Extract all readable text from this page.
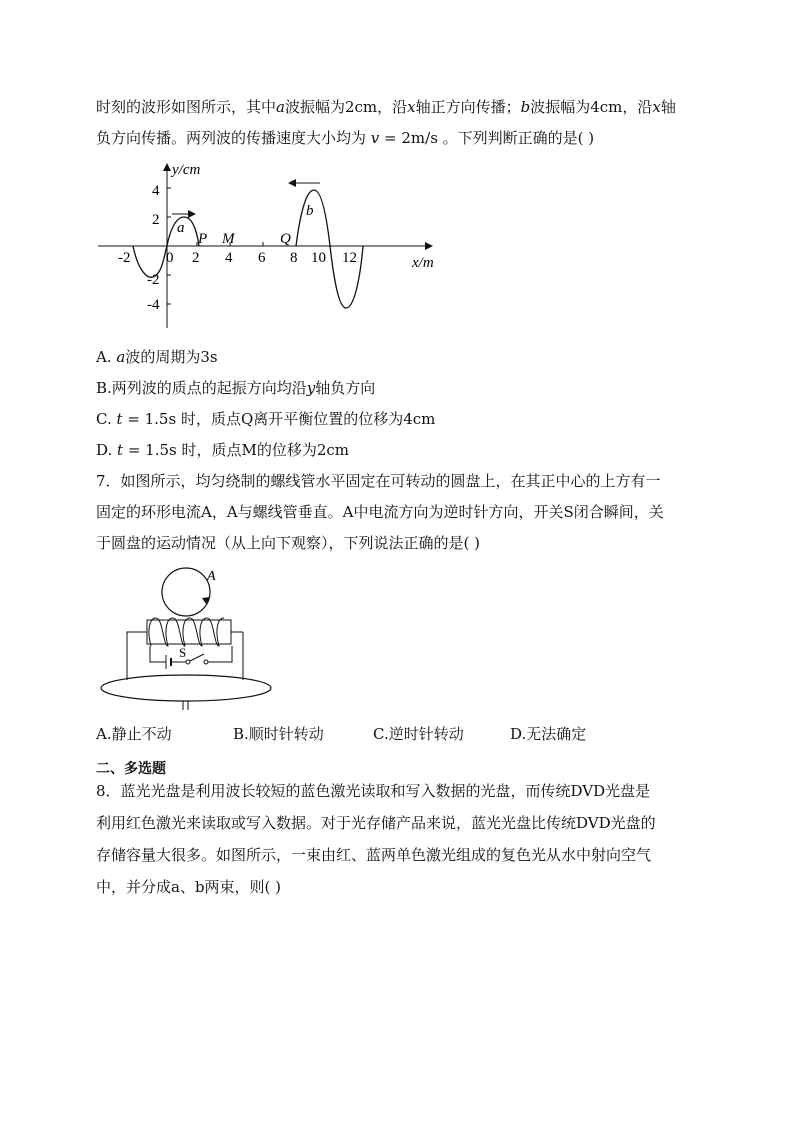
时刻的波形如图所示，其中a波振幅为2cm，沿x轴正方向传播；b波振幅为4cm，沿x轴
负方向传播。两列波的传播速度大小均为 v = 2m/s 。下列判断正确的是( )
y/cm
x/m
4
2
-2
-4
-2 0 2 4 6 8 10 12
a
b
P M	Q
A. a波的周期为3s
B.两列波的质点的起振方向均沿y轴负方向
C. t = 1.5s 时，质点Q离开平衡位置的位移为4cm
D. t = 1.5s 时，质点M的位移为2cm
7．如图所示，均匀绕制的螺线管水平固定在可转动的圆盘上，在其正中心的上方有一
固定的环形电流A，A与螺线管垂直。A中电流方向为逆时针方向，开关S闭合瞬间，关
于圆盘的运动情况（从上向下观察），下列说法正确的是( )
A
S
A.静止不动	B.顺时针转动	C.逆时针转动	D.无法确定
二、多选题
8．蓝光光盘是利用波长较短的蓝色激光读取和写入数据的光盘，而传统DVD光盘是
利用红色激光来读取或写入数据。对于光存储产品来说，蓝光光盘比传统DVD光盘的
存储容量大很多。如图所示，一束由红、蓝两单色激光组成的复色光从水中射向空气
中，并分成a、b两束，则( )
